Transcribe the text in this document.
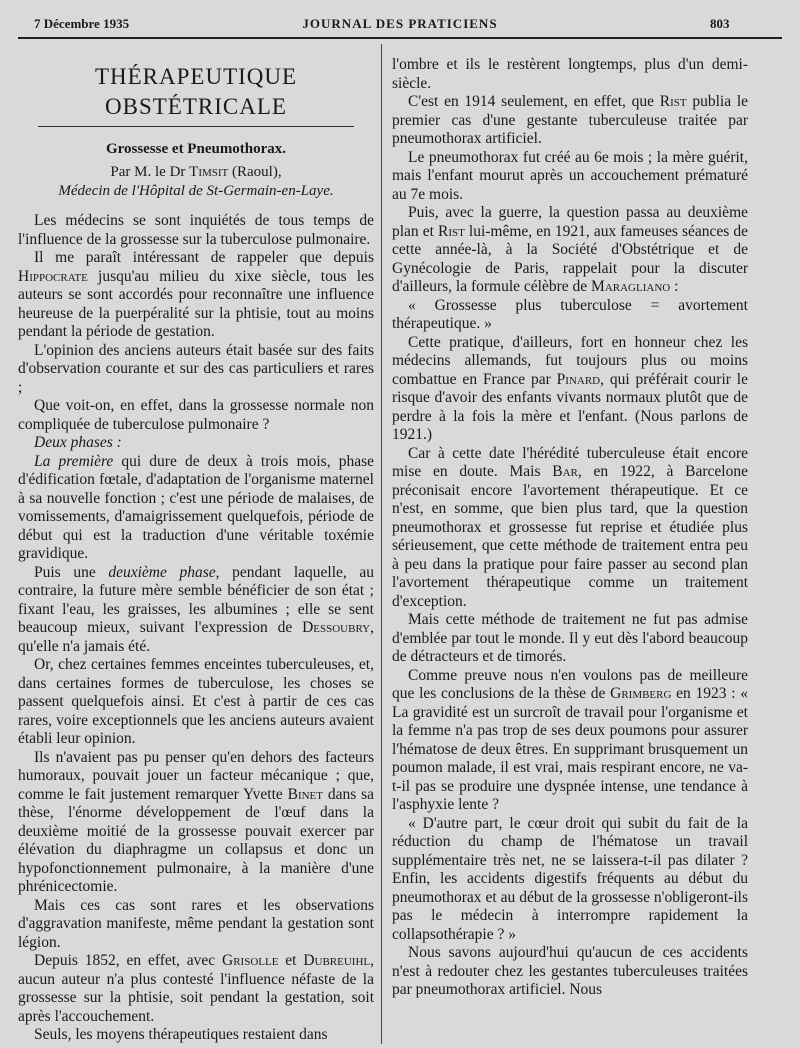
7 Décembre 1935	JOURNAL DES PRATICIENS	803
THÉRAPEUTIQUE OBSTÉTRICALE
Grossesse et Pneumothorax.
Par M. le Dr Timsit (Raoul),
Médecin de l'Hôpital de St-Germain-en-Laye.

Les médecins se sont inquiétés de tous temps de l'influence de la grossesse sur la tuberculose pulmonaire.

Il me paraît intéressant de rappeler que depuis Hippocrate jusqu'au milieu du xixe siècle, tous les auteurs se sont accordés pour reconnaître une influence heureuse de la puerpéralité sur la phtisie, tout au moins pendant la période de gestation.

L'opinion des anciens auteurs était basée sur des faits d'observation courante et sur des cas particuliers et rares ;

Que voit-on, en effet, dans la grossesse normale non compliquée de tuberculose pulmonaire ?

Deux phases :

La première qui dure de deux à trois mois, phase d'édification fœtale, d'adaptation de l'organisme maternel à sa nouvelle fonction ; c'est une période de malaises, de vomissements, d'amaigrissement quelquefois, période de début qui est la traduction d'une véritable toxémie gravidique.

Puis une deuxième phase, pendant laquelle, au contraire, la future mère semble bénéficier de son état ; fixant l'eau, les graisses, les albumines ; elle se sent beaucoup mieux, suivant l'expression de Dessoubry, qu'elle n'a jamais été.

Or, chez certaines femmes enceintes tuberculeuses, et, dans certaines formes de tuberculose, les choses se passent quelquefois ainsi. Et c'est à partir de ces cas rares, voire exceptionnels que les anciens auteurs avaient établi leur opinion.

Ils n'avaient pas pu penser qu'en dehors des facteurs humoraux, pouvait jouer un facteur mécanique ; que, comme le fait justement remarquer Yvette Binet dans sa thèse, l'énorme développement de l'œuf dans la deuxième moitié de la grossesse pouvait exercer par élévation du diaphragme un collapsus et donc un hypofonctionnement pulmonaire, à la manière d'une phrénicectomie.

Mais ces cas sont rares et les observations d'aggravation manifeste, même pendant la gestation sont légion.

Depuis 1852, en effet, avec Grisolle et Dubreuihl, aucun auteur n'a plus contesté l'influence néfaste de la grossesse sur la phtisie, soit pendant la gestation, soit après l'accouchement.

Seuls, les moyens thérapeutiques restaient dans

l'ombre et ils le restèrent longtemps, plus d'un demi-siècle.

C'est en 1914 seulement, en effet, que Rist publia le premier cas d'une gestante tuberculeuse traitée par pneumothorax artificiel.

Le pneumothorax fut créé au 6e mois ; la mère guérit, mais l'enfant mourut après un accouchement prématuré au 7e mois.

Puis, avec la guerre, la question passa au deuxième plan et Rist lui-même, en 1921, aux fameuses séances de cette année-là, à la Société d'Obstétrique et de Gynécologie de Paris, rappelait pour la discuter d'ailleurs, la formule célèbre de Maragliano :

« Grossesse plus tuberculose = avortement thérapeutique. »

Cette pratique, d'ailleurs, fort en honneur chez les médecins allemands, fut toujours plus ou moins combattue en France par Pinard, qui préférait courir le risque d'avoir des enfants vivants normaux plutôt que de perdre à la fois la mère et l'enfant. (Nous parlons de 1921.)

Car à cette date l'hérédité tuberculeuse était encore mise en doute. Mais Bar, en 1922, à Barcelone préconisait encore l'avortement thérapeutique. Et ce n'est, en somme, que bien plus tard, que la question pneumothorax et grossesse fut reprise et étudiée plus sérieusement, que cette méthode de traitement entra peu à peu dans la pratique pour faire passer au second plan l'avortement thérapeutique comme un traitement d'exception.

Mais cette méthode de traitement ne fut pas admise d'emblée par tout le monde. Il y eut dès l'abord beaucoup de détracteurs et de timorés.

Comme preuve nous n'en voulons pas de meilleure que les conclusions de la thèse de Grimberg en 1923 : « La gravidité est un surcroît de travail pour l'organisme et la femme n'a pas trop de ses deux poumons pour assurer l'hématose de deux êtres. En supprimant brusquement un poumon malade, il est vrai, mais respirant encore, ne va-t-il pas se produire une dyspnée intense, une tendance à l'asphyxie lente ?

« D'autre part, le cœur droit qui subit du fait de la réduction du champ de l'hématose un travail supplémentaire très net, ne se laissera-t-il pas dilater ? Enfin, les accidents digestifs fréquents au début du pneumothorax et au début de la grossesse n'obligeront-ils pas le médecin à interrompre rapidement la collapsothérapie ? »

Nous savons aujourd'hui qu'aucun de ces accidents n'est à redouter chez les gestantes tuberculeuses traitées par pneumothorax artificiel. Nous
